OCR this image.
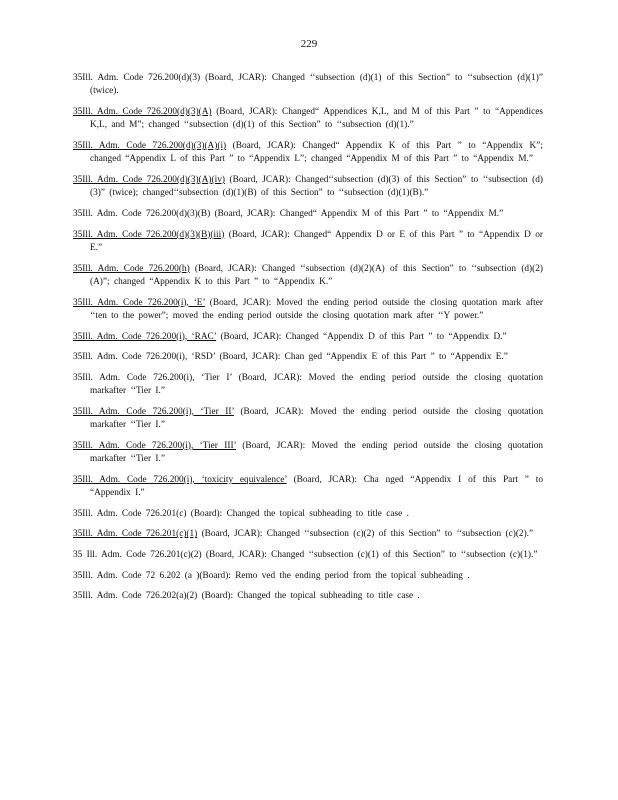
229

35Ill. Adm. Code 726.200(d)(3) (Board, JCAR): Changed ‘‘subsection (d)(1) of this Section” to ‘‘subsection (d)(1)” (twice).

35Ill. Adm. Code 726.200(d)(3)(A) (Board, JCAR): Changed“ Appendices K,L, and M of this Part ” to “Appendices K,L, and M”; changed ‘‘subsection (d)(1) of this Section” to ‘‘subsection (d)(1).”

35Ill. Adm. Code 726.200(d)(3)(A)(i) (Board, JCAR): Changed“ Appendix K of this Part ” to “Appendix K”; changed “Appendix L of this Part ” to “Appendix L”; changed “Appendix M of this Part ” to “Appendix M.”

35Ill. Adm. Code 726.200(d)(3)(A)(iv) (Board, JCAR): Changed‘‘subsection (d)(3) of this Section” to ‘‘subsection (d)(3)” (twice); changed‘‘subsection (d)(1)(B) of this Section” to ‘‘subsection (d)(1)(B).”

35Ill. Adm. Code 726.200(d)(3)(B) (Board, JCAR): Changed“ Appendix M of this Part ” to “Appendix M.”

35Ill. Adm. Code 726.200(d)(3)(B)(iii) (Board, JCAR): Changed“ Appendix D or E of this Part ” to “Appendix D or E.”

35Ill. Adm. Code 726.200(h) (Board, JCAR): Changed ‘‘subsection (d)(2)(A) of this Section” to ‘‘subsection (d)(2)(A)”; changed “Appendix K to this Part ” to “Appendix K.”

35Ill. Adm. Code 726.200(i), ‘E’ (Board, JCAR): Moved the ending period outside the closing quotation mark after ‘‘ten to the power”; moved the ending period outside the closing quotation mark after ‘‘Y power.”

35Ill. Adm. Code 726.200(i), ‘RAC’ (Board, JCAR): Changed “Appendix D of this Part ” to “Appendix D.”

35Ill. Adm. Code 726.200(i), ‘RSD’ (Board, JCAR): Chan ged “Appendix E of this Part ” to “Appendix E.”

35Ill. Adm. Code 726.200(i), ‘Tier I’ (Board, JCAR): Moved the ending period outside the closing quotation markafter ‘‘Tier I.”

35Ill. Adm. Code 726.200(i), ‘Tier II’ (Board, JCAR): Moved the ending period outside the closing quotation markafter ‘‘Tier I.”

35Ill. Adm. Code 726.200(i), ‘Tier III’ (Board, JCAR): Moved the ending period outside the closing quotation markafter ‘‘Tier I.”

35Ill. Adm. Code 726.200(i), ‘toxicity equivalence’ (Board, JCAR): Cha nged “Appendix I of this Part ” to “Appendix I.”

35Ill. Adm. Code 726.201(c) (Board): Changed the topical subheading to title case .

35Ill. Adm. Code 726.201(c)(1) (Board, JCAR): Changed ‘‘subsection (c)(2) of this Section” to ‘‘subsection (c)(2).”

35 Ill. Adm. Code 726.201(c)(2) (Board, JCAR): Changed ‘‘subsection (c)(1) of this Section” to ‘‘subsection (c)(1).”

35Ill. Adm. Code 72 6.202 (a )(Board): Remo ved the ending period from the topical subheading .

35Ill. Adm. Code 726.202(a)(2) (Board): Changed the topical subheading to title case .
